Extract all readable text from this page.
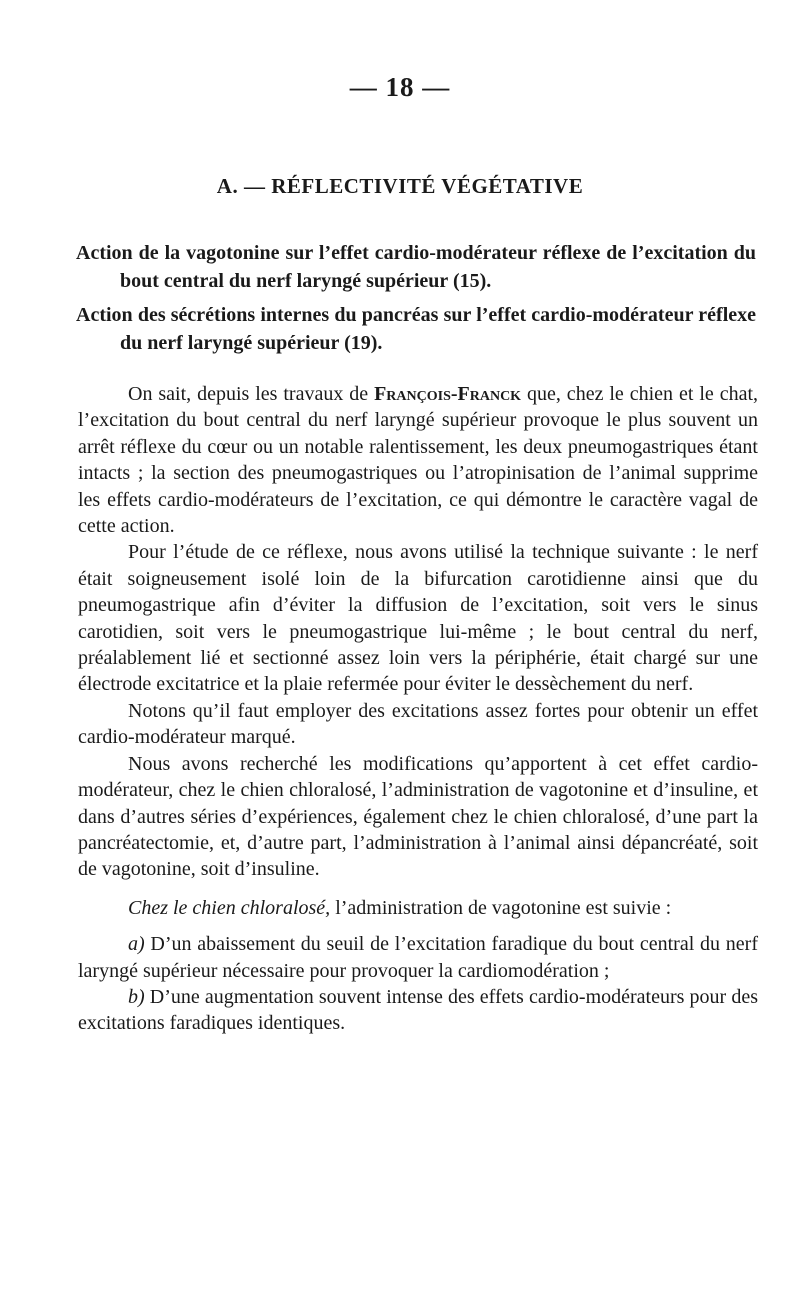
— 18 —
A. — RÉFLECTIVITÉ VÉGÉTATIVE

Action de la vagotonine sur l’effet cardio-modérateur réflexe de l’excitation du bout central du nerf laryngé supérieur (15).

Action des sécrétions internes du pancréas sur l’effet cardio-modérateur réflexe du nerf laryngé supérieur (19).

On sait, depuis les travaux de François-Franck que, chez le chien et le chat, l’excitation du bout central du nerf laryngé supérieur provoque le plus souvent un arrêt réflexe du cœur ou un notable ralentissement, les deux pneumogastriques étant intacts ; la section des pneumogastriques ou l’atropinisation de l’animal supprime les effets cardio-modérateurs de l’excitation, ce qui démontre le caractère vagal de cette action.

Pour l’étude de ce réflexe, nous avons utilisé la technique suivante : le nerf était soigneusement isolé loin de la bifurcation carotidienne ainsi que du pneumogastrique afin d’éviter la diffusion de l’excitation, soit vers le sinus carotidien, soit vers le pneumogastrique lui-même ; le bout central du nerf, préalablement lié et sectionné assez loin vers la périphérie, était chargé sur une électrode excitatrice et la plaie refermée pour éviter le dessèchement du nerf.

Notons qu’il faut employer des excitations assez fortes pour obtenir un effet cardio-modérateur marqué.

Nous avons recherché les modifications qu’apportent à cet effet cardio-modérateur, chez le chien chloralosé, l’administration de vagotonine et d’insuline, et dans d’autres séries d’expériences, également chez le chien chloralosé, d’une part la pancréatectomie, et, d’autre part, l’administration à l’animal ainsi dépancréaté, soit de vagotonine, soit d’insuline.

Chez le chien chloralosé, l’administration de vagotonine est suivie :

a) D’un abaissement du seuil de l’excitation faradique du bout central du nerf laryngé supérieur nécessaire pour provoquer la cardiomodération ;

b) D’une augmentation souvent intense des effets cardio-modérateurs pour des excitations faradiques identiques.
